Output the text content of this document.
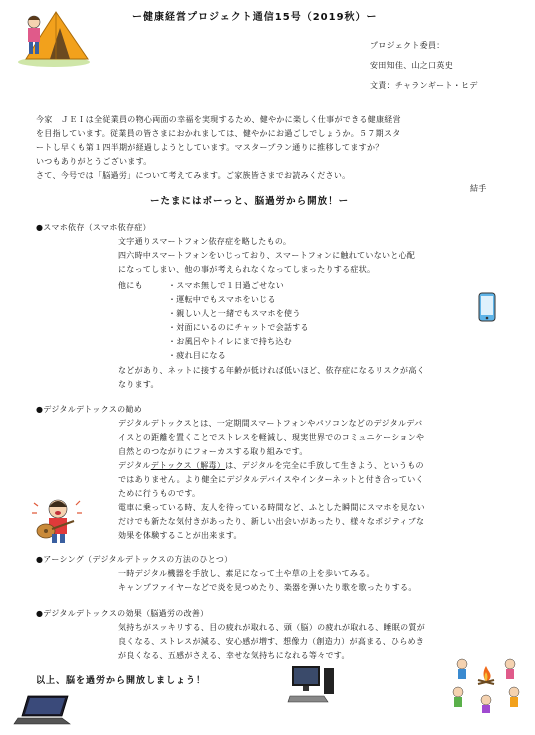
ー健康経営プロジェクト通信15号（2019秋）ー
プロジェクト委員：
安田知佳、山之口英史
文責：チャランギート・ヒデ
今家　ＪＥＩは全従業員の物心両面の幸福を実現するため、健やかに楽しく仕事ができる健康経営
を目指しています。従業員の皆さまにおかれましては、健やかにお過ごしでしょうか。５７期スタ
ートし早くも第１四半期が経過しようとしています。マスタープラン通りに推移してますか？
いつもありがとうございます。
さて、今号では「脳過労」について考えてみます。ご家族皆さまでお読みください。
結手
ーたまにはボーっと、脳過労から開放！ー
●スマホ依存（スマホ依存症）
文字通りスマートフォン依存症を略したもの。
四六時中スマートフォンをいじっており、スマートフォンに触れていないと心配
になってしまい、他の事が考えられなくなってしまったりする症状。
他にも	・スマホ無しで１日過ごせない
・運転中でもスマホをいじる
・親しい人と一緒でもスマホを使う
・対面にいるのにチャットで会話する
・お風呂やトイレにまで持ち込む
・疲れ目になる
などがあり、ネットに接する年齢が低ければ低いほど、依存症になるリスクが高く
なります。
●デジタルデトックスの勧め
デジタルデトックスとは、一定期間スマートフォンやパソコンなどのデジタルデバ
イスとの距離を置くことでストレスを軽減し、現実世界でのコミュニケーションや
自然とのつながりにフォーカスする取り組みです。
デジタルデトックス（解毒）は、デジタルを完全に手放して生きよう、というもの
ではありません。より健全にデジタルデバイスやインターネットと付き合っていく
ために行うものです。
電車に乗っている時、友人を待っている時間など、ふとした瞬間にスマホを見ない
だけでも新たな気付きがあったり、新しい出会いがあったり、様々なポジティブな
効果を体験することが出来ます。
●アーシング（デジタルデトックスの方法のひとつ）
一時デジタル機器を手放し、素足になって土や草の上を歩いてみる。
キャンプファイヤーなどで炎を見つめたり、楽器を弾いたり歌を歌ったりする。
●デジタルデトックスの効果（脳過労の改善）
気持ちがスッキリする、目の疲れが取れる、頭（脳）の疲れが取れる、睡眠の質が
良くなる、ストレスが減る、安心感が増す、想像力（創造力）が高まる、ひらめき
が良くなる、五感がさえる、幸せな気持ちになれる等々です。
以上、脳を過労から開放しましょう！
